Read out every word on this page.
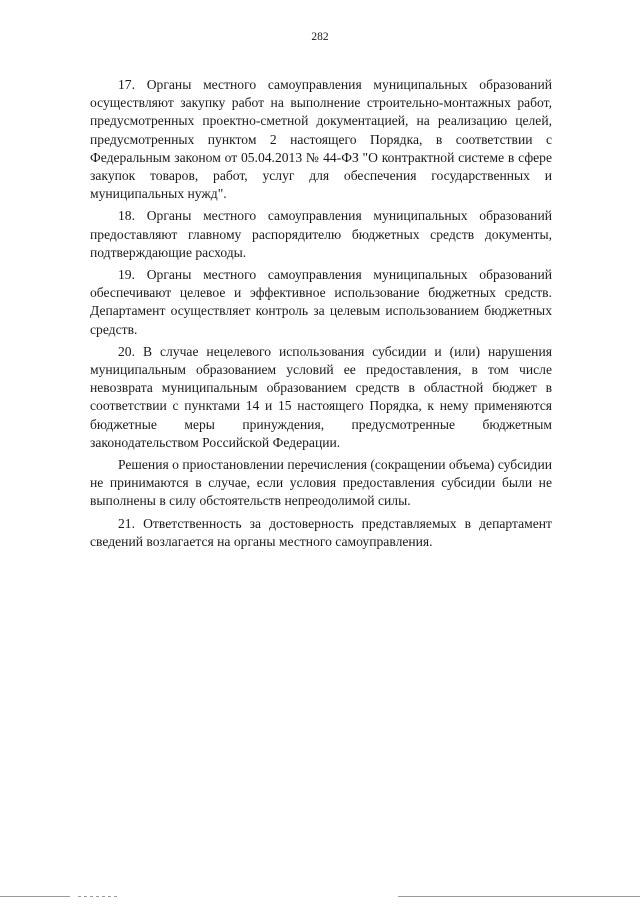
282

17. Органы местного самоуправления муниципальных образований осуществляют закупку работ на выполнение строительно-монтажных работ, предусмотренных проектно-сметной документацией, на реализацию целей, предусмотренных пунктом 2 настоящего Порядка, в соответствии с Федеральным законом от 05.04.2013 № 44-ФЗ "О контрактной системе в сфере закупок товаров, работ, услуг для обеспечения государственных и муниципальных нужд".

18. Органы местного самоуправления муниципальных образований предоставляют главному распорядителю бюджетных средств документы, подтверждающие расходы.

19. Органы местного самоуправления муниципальных образований обеспечивают целевое и эффективное использование бюджетных средств. Департамент осуществляет контроль за целевым использованием бюджетных средств.

20. В случае нецелевого использования субсидии и (или) нарушения муниципальным образованием условий ее предоставления, в том числе невозврата муниципальным образованием средств в областной бюджет в соответствии с пунктами 14 и 15 настоящего Порядка, к нему применяются бюджетные меры принуждения, предусмотренные бюджетным законодательством Российской Федерации.

Решения о приостановлении перечисления (сокращении объема) субсидии не принимаются в случае, если условия предоставления субсидии были не выполнены в силу обстоятельств непреодолимой силы.

21. Ответственность за достоверность представляемых в департамент сведений возлагается на органы местного самоуправления.
